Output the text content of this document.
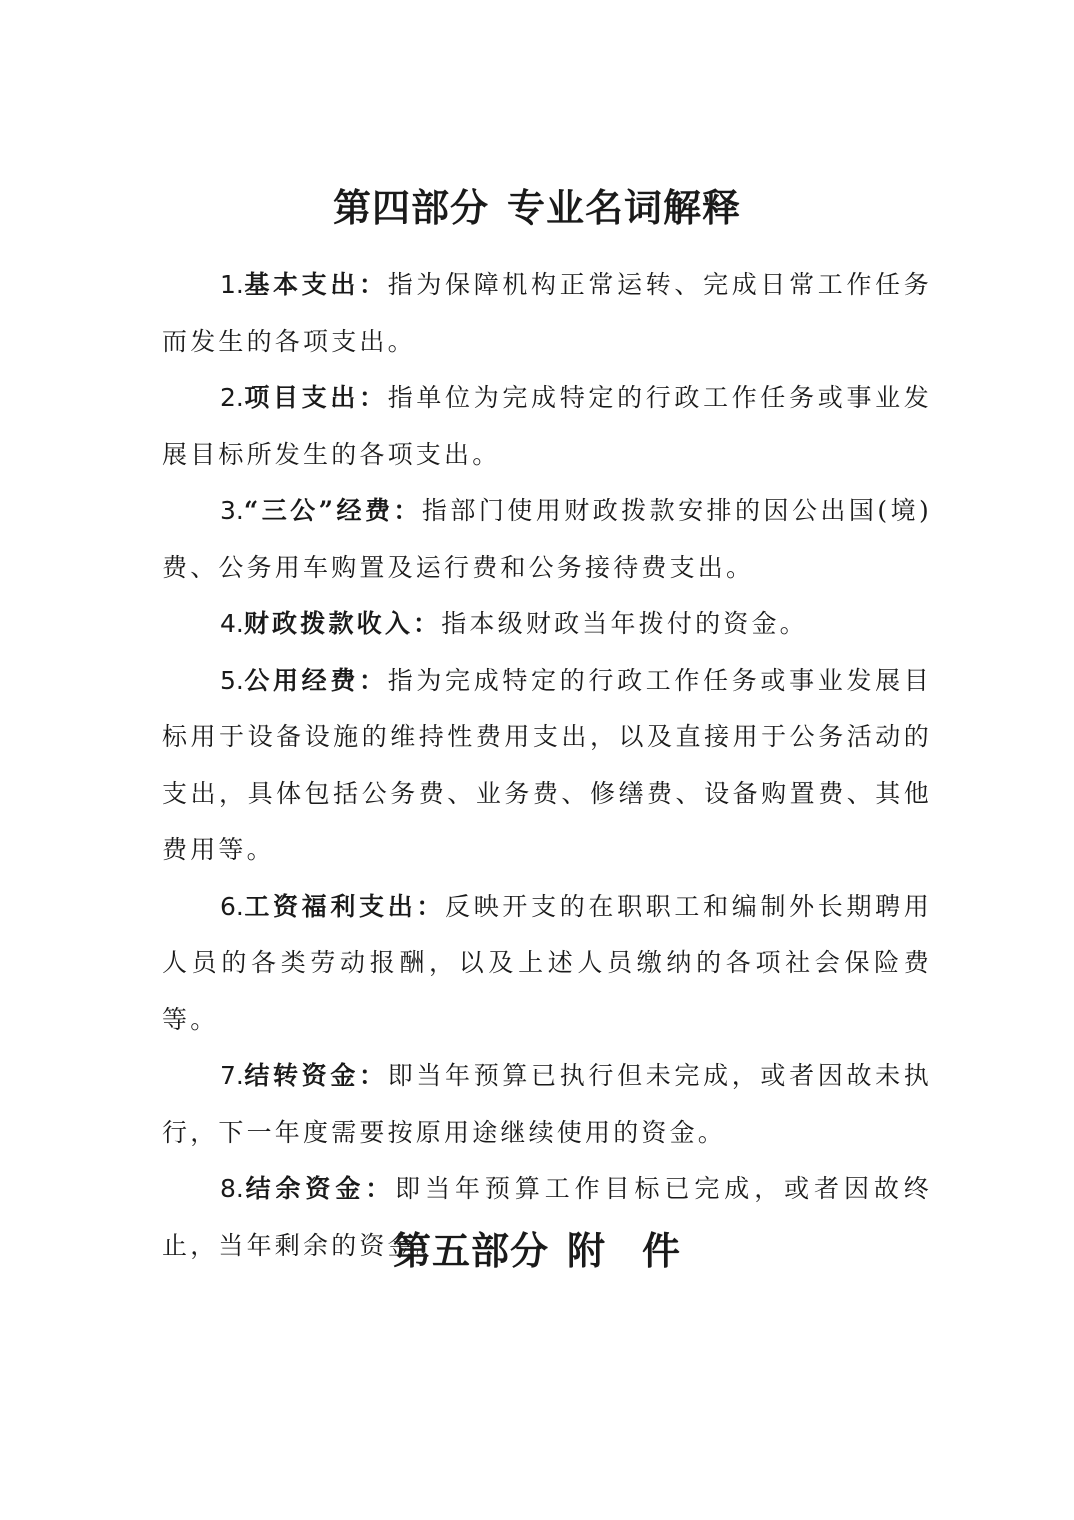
第四部分 专业名词解释

1.基本支出：指为保障机构正常运转、完成日常工作任务而发生的各项支出。

2.项目支出：指单位为完成特定的行政工作任务或事业发展目标所发生的各项支出。

3.“三公”经费：指部门使用财政拨款安排的因公出国(境)费、公务用车购置及运行费和公务接待费支出。

4.财政拨款收入：指本级财政当年拨付的资金。

5.公用经费：指为完成特定的行政工作任务或事业发展目标用于设备设施的维持性费用支出，以及直接用于公务活动的支出，具体包括公务费、业务费、修缮费、设备购置费、其他费用等。

6.工资福利支出：反映开支的在职职工和编制外长期聘用人员的各类劳动报酬，以及上述人员缴纳的各项社会保险费等。

7.结转资金：即当年预算已执行但未完成，或者因故未执行，下一年度需要按原用途继续使用的资金。

8.结余资金：即当年预算工作目标已完成，或者因故终止，当年剩余的资金。

第五部分 附 件
